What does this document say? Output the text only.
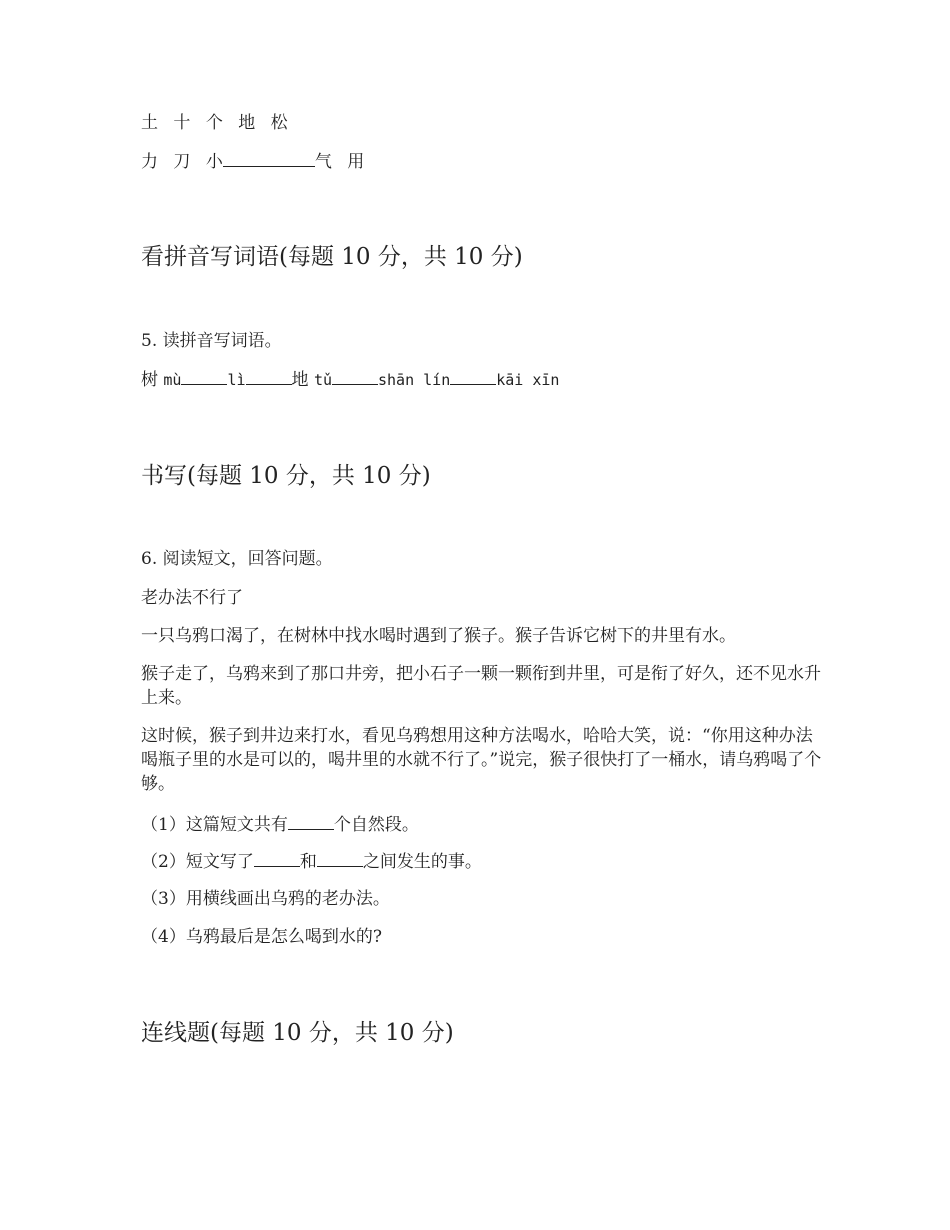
土 十 个 地 松
力 刀 小	气 用
看拼音写词语(每题 10 分，共 10 分)
5. 读拼音写词语。
树 mù	lì	地 tǔ	shān lín	kāi xīn
书写(每题 10 分，共 10 分)
6. 阅读短文，回答问题。
老办法不行了
一只乌鸦口渴了，在树林中找水喝时遇到了猴子。猴子告诉它树下的井里有水。
猴子走了，乌鸦来到了那口井旁，把小石子一颗一颗衔到井里，可是衔了好久，还不见水升上来。
这时候，猴子到井边来打水，看见乌鸦想用这种方法喝水，哈哈大笑，说：“你用这种办法喝瓶子里的水是可以的，喝井里的水就不行了。”说完，猴子很快打了一桶水，请乌鸦喝了个够。
（1）这篇短文共有	个自然段。
（2）短文写了	和	之间发生的事。
（3）用横线画出乌鸦的老办法。
（4）乌鸦最后是怎么喝到水的?
连线题(每题 10 分，共 10 分)
